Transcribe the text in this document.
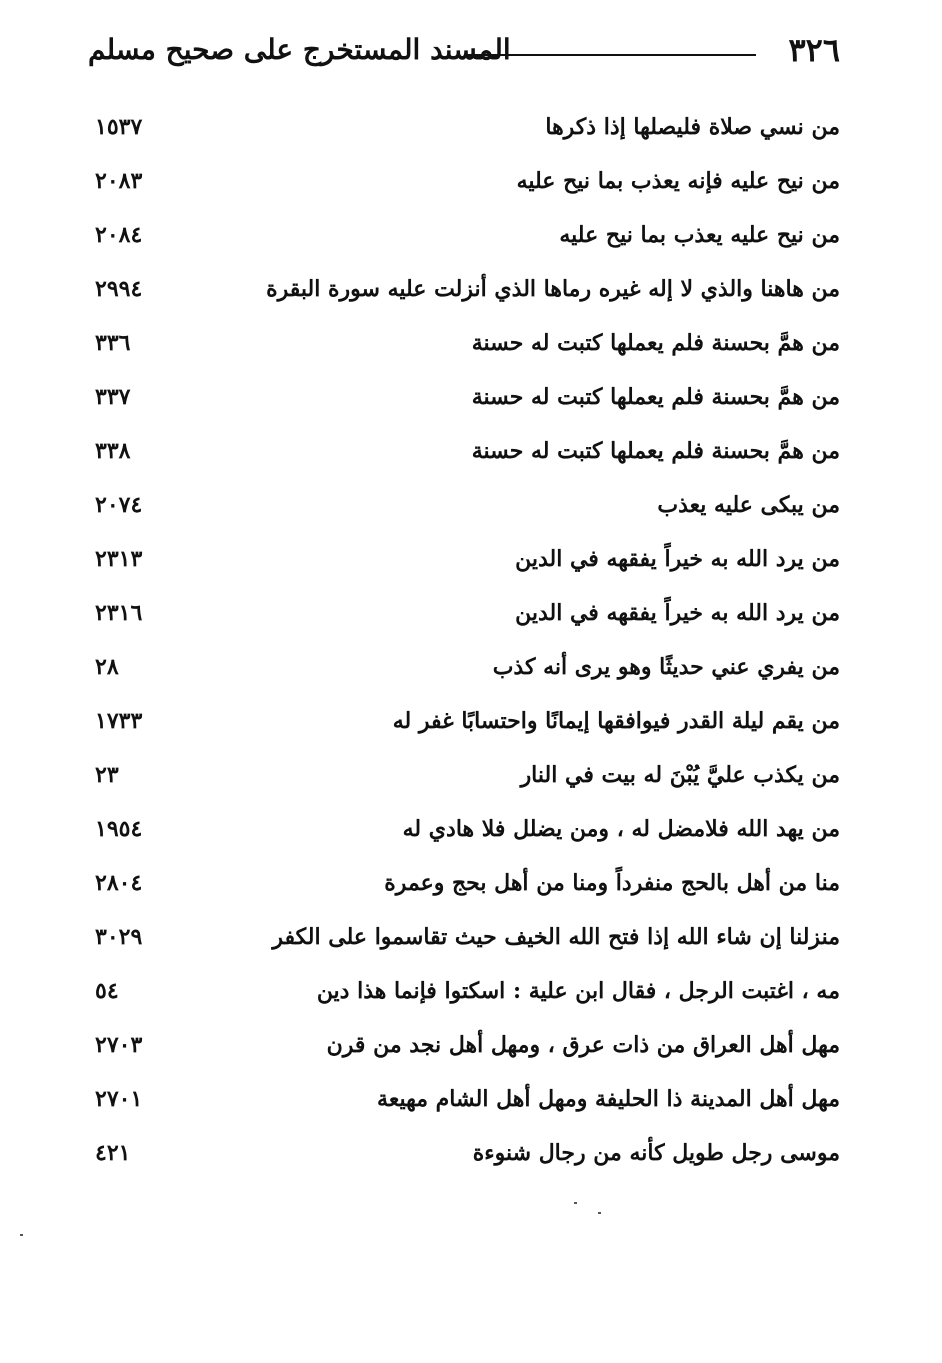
٣٢٦
المسند المستخرج على صحيح مسلم
من نسي صلاة فليصلها إذا ذكرها
١٥٣٧
من نيح عليه فإنه يعذب بما نيح عليه
٢٠٨٣
من نيح عليه يعذب بما نيح عليه
٢٠٨٤
من هاهنا والذي لا إله غيره رماها الذي أنزلت عليه سورة البقرة
٢٩٩٤
من همَّ بحسنة فلم يعملها كتبت له حسنة
٣٣٦
من همَّ بحسنة فلم يعملها كتبت له حسنة
٣٣٧
من همَّ بحسنة فلم يعملها كتبت له حسنة
٣٣٨
من يبكى عليه يعذب
٢٠٧٤
من يرد الله به خيراً يفقهه في الدين
٢٣١٣
من يرد الله به خيراً يفقهه في الدين
٢٣١٦
من يفري عني حديثًا وهو يرى أنه كذب
٢٨
من يقم ليلة القدر فيوافقها إيمانًا واحتسابًا غفر له
١٧٣٣
من يكذب عليَّ يُبْنَ له بيت في النار
٢٣
من يهد الله فلامضل له ، ومن يضلل فلا هادي له
١٩٥٤
منا من أهل بالحج منفرداً ومنا من أهل بحج وعمرة
٢٨٠٤
منزلنا إن شاء الله إذا فتح الله الخيف حيث تقاسموا على الكفر
٣٠٢٩
مه ، اغتبت الرجل ، فقال ابن علية : اسكتوا فإنما هذا دين
٥٤
مهل أهل العراق من ذات عرق ، ومهل أهل نجد من قرن
٢٧٠٣
مهل أهل المدينة ذا الحليفة ومهل أهل الشام مهيعة
٢٧٠١
موسى رجل طويل كأنه من رجال شنوءة
٤٢١
